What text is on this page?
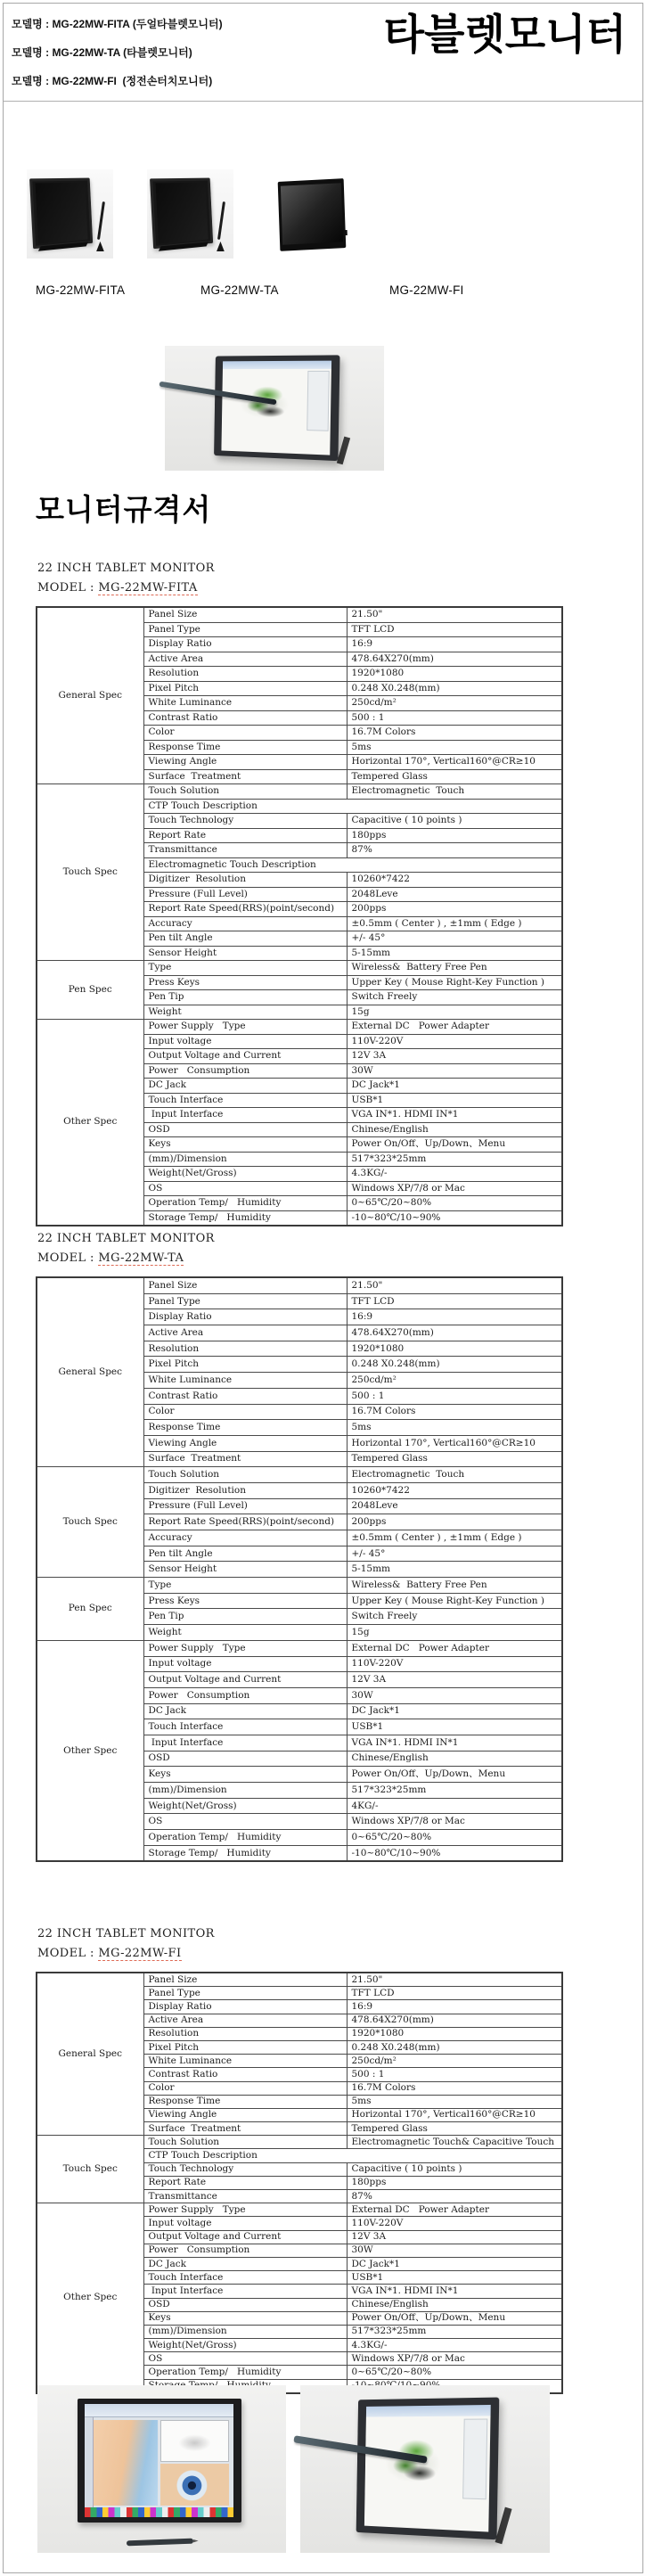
모델명 : MG-22MW-FITA (두얼타블렛모니터)
모델명 : MG-22MW-TA (타블렛모니터)
모델명 : MG-22MW-FI  (정전손터치모니터)
타블렛모니터
MG-22MW-FITA	MG-22MW-TA	MG-22MW-FI
모니터규격서
22 INCH TABLET MONITOR
MODEL : MG-22MW-FITA
General Spec	Panel Size	21.50"
	Panel Type	TFT LCD
	Display Ratio	16:9
	Active Area	478.64X270(mm)
	Resolution	1920*1080
	Pixel Pitch	0.248 X0.248(mm)
	White Luminance	250cd/m²
	Contrast Ratio	500 : 1
	Color	16.7M Colors
	Response Time	5ms
	Viewing Angle	Horizontal 170°, Vertical160°@CR≥10
	Surface  Treatment	Tempered Glass
Touch Spec	Touch Solution	Electromagnetic  Touch
	CTP Touch Description	
	Touch Technology	Capacitive ( 10 points )
	Report Rate	180pps
	Transmittance	87%
	Electromagnetic Touch Description	
	Digitizer  Resolution	10260*7422
	Pressure (Full Level)	2048Leve
	Report Rate Speed(RRS)(point/second)	200pps
	Accuracy	±0.5mm ( Center ) , ±1mm ( Edge )
	Pen tilt Angle	+/- 45°
	Sensor Height	5-15mm
Pen Spec	Type	Wireless&  Battery Free Pen
	Press Keys	Upper Key ( Mouse Right-Key Function )
	Pen Tip	Switch Freely
	Weight	15g
Other Spec	Power Supply   Type	External DC   Power Adapter
	Input voltage	110V-220V
	Output Voltage and Current	12V 3A
	Power   Consumption	30W
	DC Jack	DC Jack*1
	Touch Interface	USB*1
	Input Interface	VGA IN*1. HDMI IN*1
	OSD	Chinese/English
	Keys	Power On/Off、Up/Down、Menu
	(mm)/Dimension	517*323*25mm
	Weight(Net/Gross)	4.3KG/-
	OS	Windows XP/7/8 or Mac
	Operation Temp/   Humidity	0~65℃/20~80%
	Storage Temp/   Humidity	-10~80℃/10~90%
22 INCH TABLET MONITOR
MODEL : MG-22MW-TA
General Spec	Panel Size	21.50"
	Panel Type	TFT LCD
	Display Ratio	16:9
	Active Area	478.64X270(mm)
	Resolution	1920*1080
	Pixel Pitch	0.248 X0.248(mm)
	White Luminance	250cd/m²
	Contrast Ratio	500 : 1
	Color	16.7M Colors
	Response Time	5ms
	Viewing Angle	Horizontal 170°, Vertical160°@CR≥10
	Surface  Treatment	Tempered Glass
Touch Spec	Touch Solution	Electromagnetic  Touch
	Digitizer  Resolution	10260*7422
	Pressure (Full Level)	2048Leve
	Report Rate Speed(RRS)(point/second)	200pps
	Accuracy	±0.5mm ( Center ) , ±1mm ( Edge )
	Pen tilt Angle	+/- 45°
	Sensor Height	5-15mm
Pen Spec	Type	Wireless&  Battery Free Pen
	Press Keys	Upper Key ( Mouse Right-Key Function )
	Pen Tip	Switch Freely
	Weight	15g
Other Spec	Power Supply   Type	External DC   Power Adapter
	Input voltage	110V-220V
	Output Voltage and Current	12V 3A
	Power   Consumption	30W
	DC Jack	DC Jack*1
	Touch Interface	USB*1
	Input Interface	VGA IN*1. HDMI IN*1
	OSD	Chinese/English
	Keys	Power On/Off、Up/Down、Menu
	(mm)/Dimension	517*323*25mm
	Weight(Net/Gross)	4KG/-
	OS	Windows XP/7/8 or Mac
	Operation Temp/   Humidity	0~65℃/20~80%
	Storage Temp/   Humidity	-10~80℃/10~90%
22 INCH TABLET MONITOR
MODEL : MG-22MW-FI
General Spec	Panel Size	21.50"
	Panel Type	TFT LCD
	Display Ratio	16:9
	Active Area	478.64X270(mm)
	Resolution	1920*1080
	Pixel Pitch	0.248 X0.248(mm)
	White Luminance	250cd/m²
	Contrast Ratio	500 : 1
	Color	16.7M Colors
	Response Time	5ms
	Viewing Angle	Horizontal 170°, Vertical160°@CR≥10
	Surface  Treatment	Tempered Glass
Touch Spec	Touch Solution	Electromagnetic Touch& Capacitive Touch
	CTP Touch Description	
	Touch Technology	Capacitive ( 10 points )
	Report Rate	180pps
	Transmittance	87%
Other Spec	Power Supply   Type	External DC   Power Adapter
	Input voltage	110V-220V
	Output Voltage and Current	12V 3A
	Power   Consumption	30W
	DC Jack	DC Jack*1
	Touch Interface	USB*1
	Input Interface	VGA IN*1. HDMI IN*1
	OSD	Chinese/English
	Keys	Power On/Off、Up/Down、Menu
	(mm)/Dimension	517*323*25mm
	Weight(Net/Gross)	4.3KG/-
	OS	Windows XP/7/8 or Mac
	Operation Temp/   Humidity	0~65℃/20~80%
